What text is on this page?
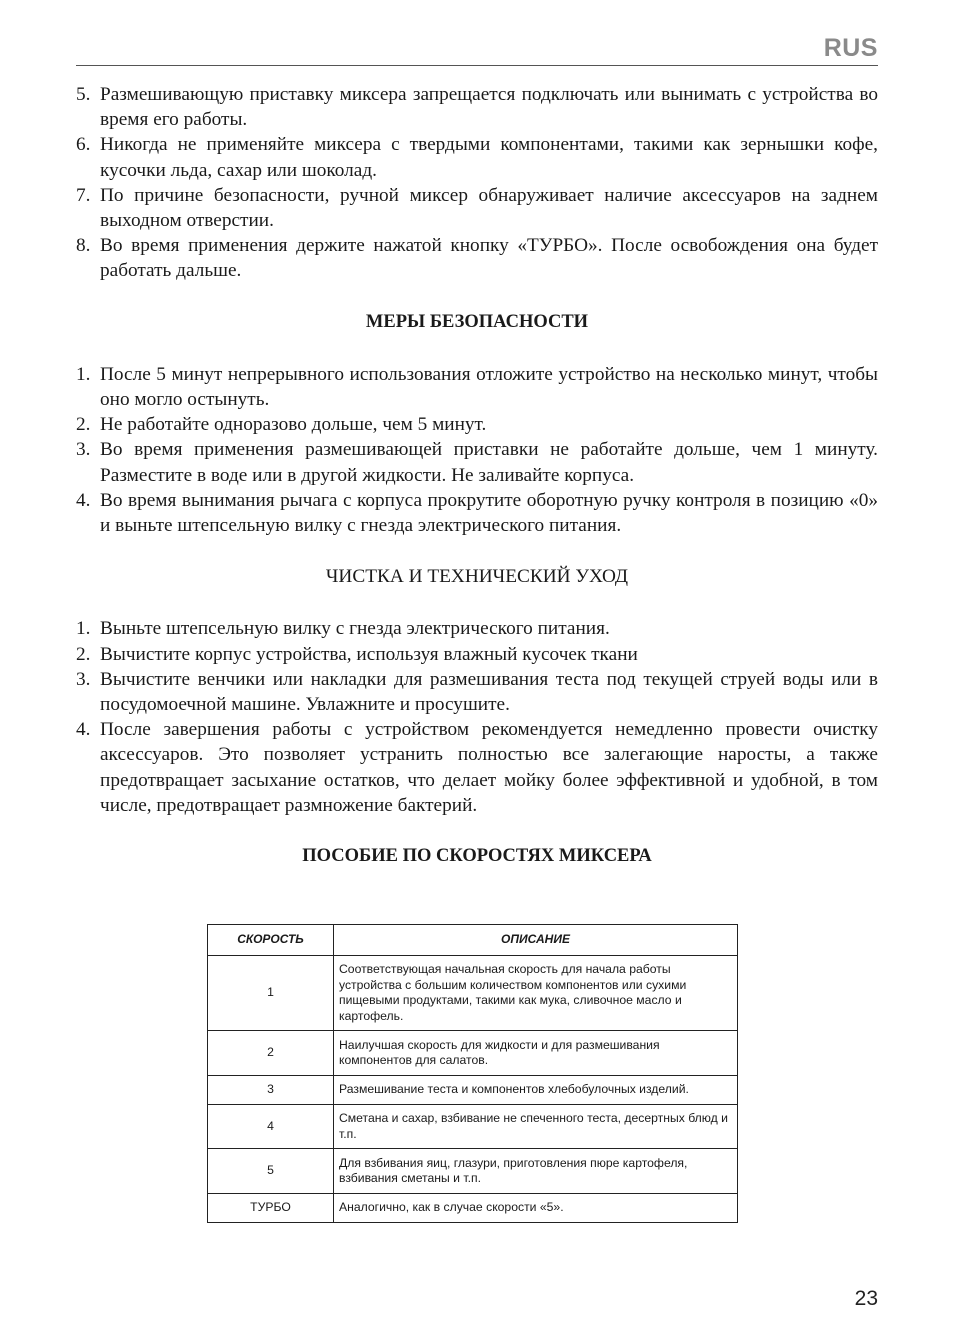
RUS
5. Размешивающую приставку миксера запрещается подключать или вынимать с устройства во время его работы.
6. Никогда не применяйте миксера с твердыми компонентами, такими как зернышки кофе, кусочки льда, сахар или шоколад.
7. По причине безопасности, ручной миксер обнаруживает наличие аксессуаров на заднем выходном отверстии.
8. Во время применения держите нажатой кнопку «ТУРБО». После освобождения она будет работать дальше.
МЕРЫ БЕЗОПАСНОСТИ
1. После 5 минут непрерывного использования отложите устройство на несколько минут, чтобы оно могло остынуть.
2. Не работайте одноразово дольше, чем 5 минут.
3. Во время применения размешивающей приставки не работайте дольше, чем 1 минуту. Разместите в воде или в другой жидкости. Не заливайте корпуса.
4. Во время вынимания рычага с корпуса прокрутите оборотную ручку контроля в позицию «0» и выньте штепсельную вилку с гнезда электрического питания.
ЧИСТКА И ТЕХНИЧЕСКИЙ УХОД
1. Выньте штепсельную вилку с гнезда электрического питания.
2. Вычистите корпус устройства, используя влажный кусочек ткани
3. Вычистите венчики или накладки для размешивания теста под текущей струей воды или в посудомоечной машине. Увлажните и просушите.
4. После завершения работы с устройством рекомендуется немедленно провести очистку аксессуаров. Это позволяет устранить полностью все залегающие наросты, а также предотвращает засыхание остатков, что делает мойку более эффективной и удобной, в том числе, предотвращает размножение бактерий.
ПОСОБИЕ ПО СКОРОСТЯХ МИКСЕРА
СКОРОСТЬ	ОПИСАНИЕ
1	Соответствующая начальная скорость для начала работы устройства с большим количеством компонентов или сухими пищевыми продуктами, такими как мука, сливочное масло и картофель.
2	Наилучшая скорость для жидкости и для размешивания компонентов для салатов.
3	Размешивание теста и компонентов хлебобулочных изделий.
4	Сметана и сахар, взбивание не спеченного теста, десертных блюд и т.п.
5	Для взбивания яиц, глазури, приготовления пюре картофеля, взбивания сметаны и т.п.
ТУРБО	Аналогично, как в случае скорости «5».
23
